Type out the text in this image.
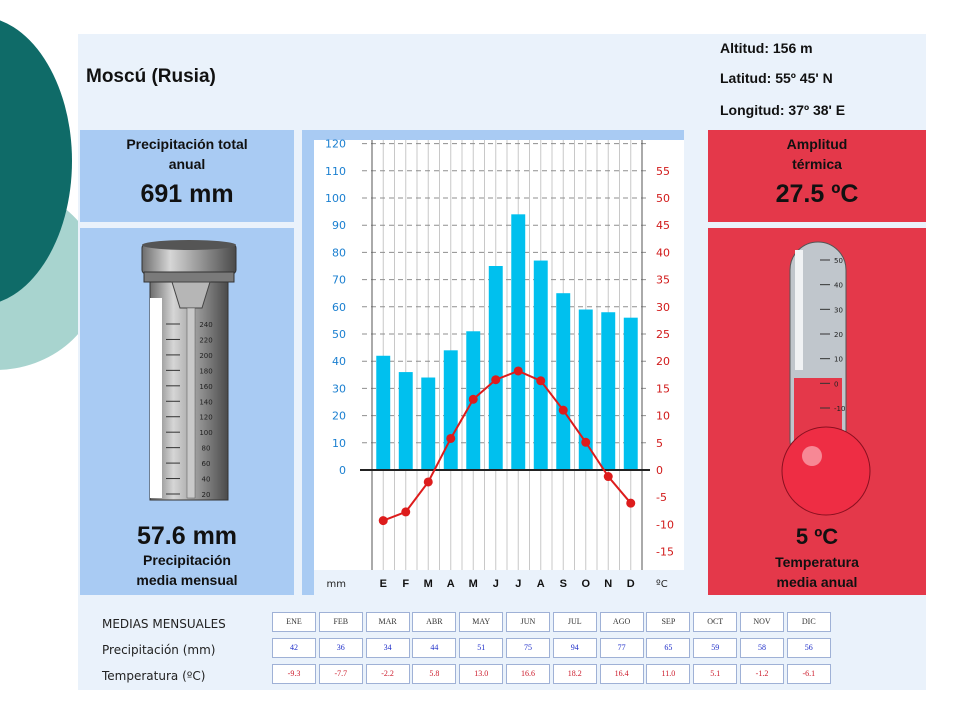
Moscú (Rusia)
Altitud: 156 m
Latitud: 55º 45' N
Longitud: 37º 38' E
Precipitación total
anual
691 mm
240
220
200
180
160
140
120
100
80
60
40
20
57.6 mm
Precipitación
media mensual
0
10
20
30
40
50
60
70
80
90
100
110
120
-15
-10
-5
0
5
10
15
20
25
30
35
40
45
50
55
E F M A M J J A S O N D
mm	ºC
Amplitud
térmica
27.5 ºC
50
40
30
20
10
0
-10
5 ºC
Temperatura
media anual
MEDIAS MENSUALES
Precipitación (mm)
Temperatura (ºC)
ENE	FEB	MAR	ABR	MAY	JUN	JUL	AGO	SEP	OCT	NOV	DIC
42	36	34	44	51	75	94	77	65	59	58	56
-9.3	-7.7	-2.2	5.8	13.0	16.6	18.2	16.4	11.0	5.1	-1.2	-6.1
